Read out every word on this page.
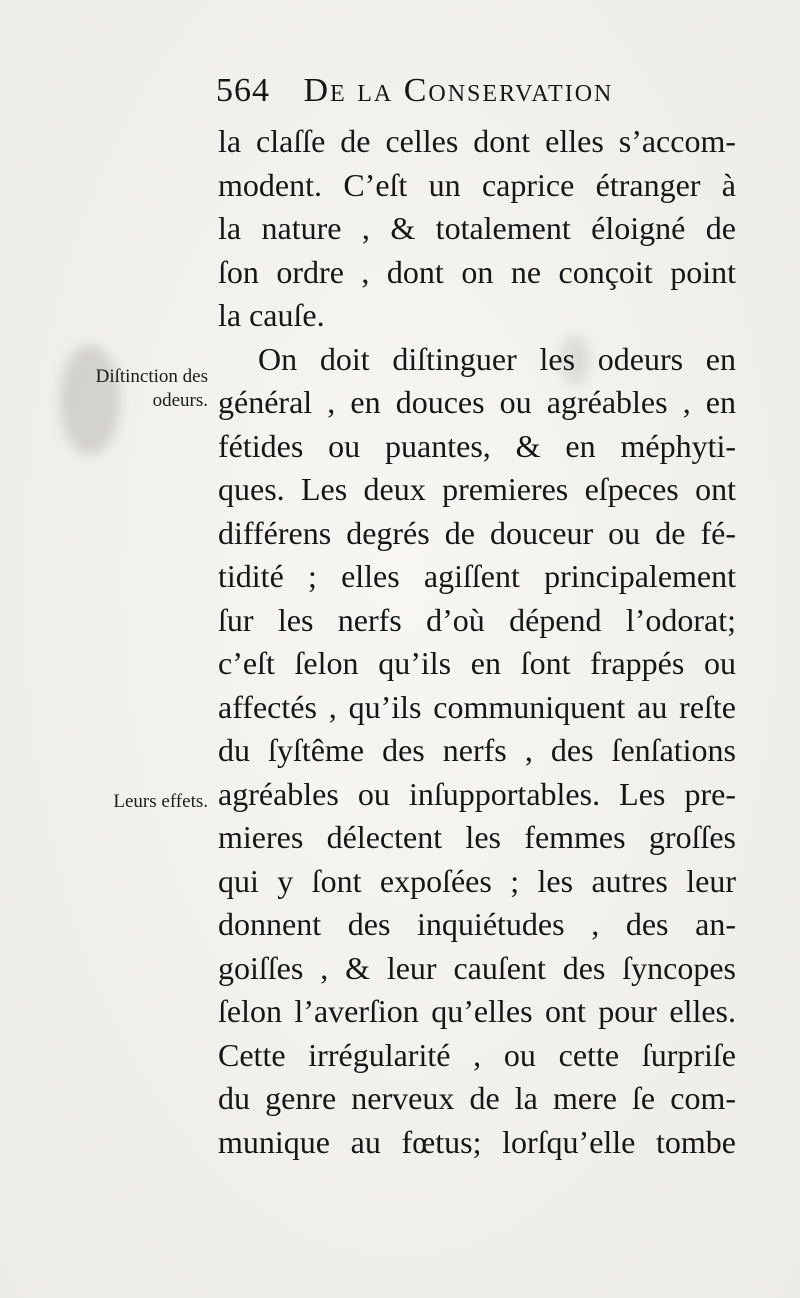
564 De la Conservation
Diſtinction des odeurs.
Leurs effets.
la claſſe de celles dont elles s’accom-
modent. C’eſt un caprice étranger à
la nature , & totalement éloigné de
ſon ordre , dont on ne conçoit point
la cauſe.
On doit diſtinguer les odeurs en
général , en douces ou agréables , en
fétides ou puantes, & en méphyti-
ques. Les deux premieres eſpeces ont
différens degrés de douceur ou de fé-
tidité ; elles agiſſent principalement
ſur les nerfs d’où dépend l’odorat;
c’eſt ſelon qu’ils en ſont frappés ou
affectés , qu’ils communiquent au reſte
du ſyſtême des nerfs , des ſenſations
agréables ou inſupportables. Les pre-
mieres délectent les femmes groſſes
qui y ſont expoſées ; les autres leur
donnent des inquiétudes , des an-
goiſſes , & leur cauſent des ſyncopes
ſelon l’averſion qu’elles ont pour elles.
Cette irrégularité , ou cette ſurpriſe
du genre nerveux de la mere ſe com-
munique au fœtus; lorſqu’elle tombe
